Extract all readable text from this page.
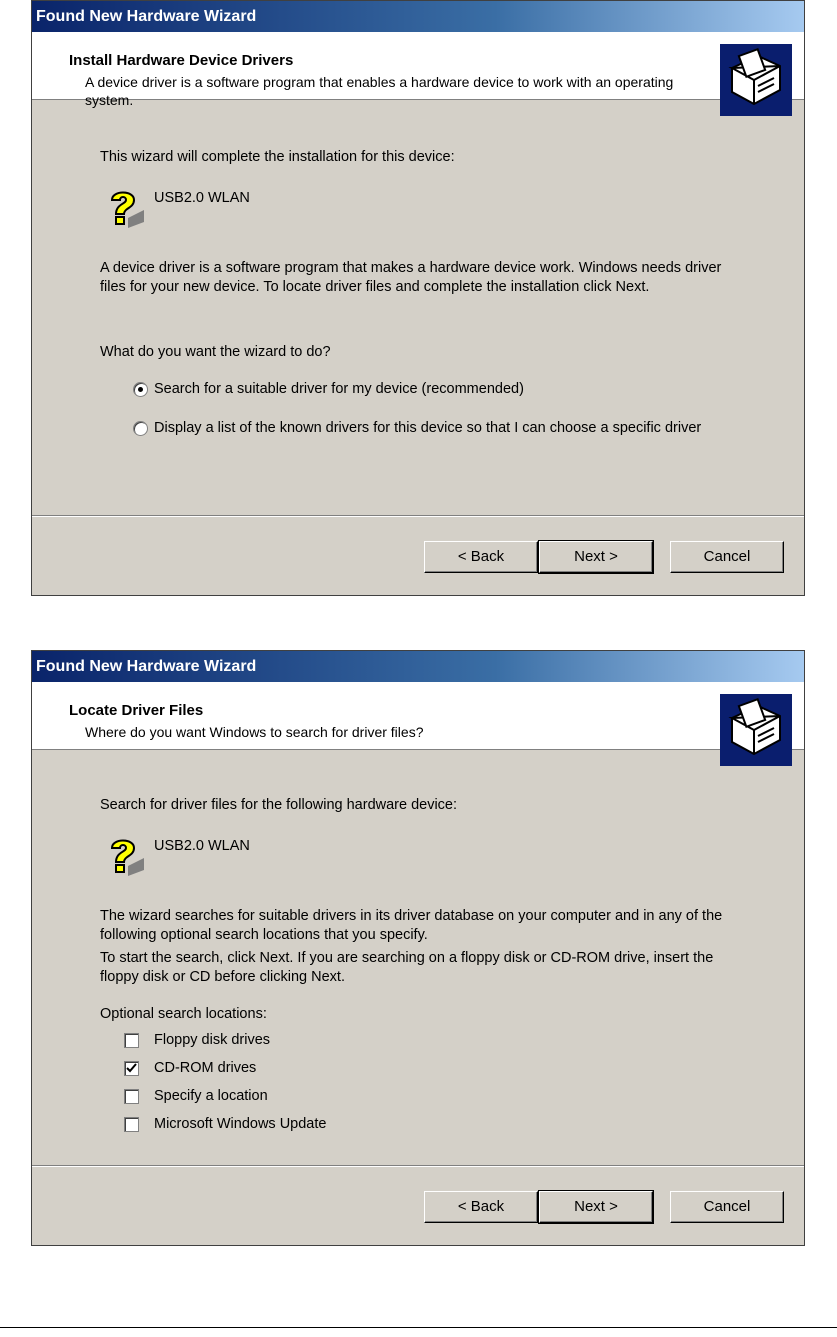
Found New Hardware Wizard
Install Hardware Device Drivers
A device driver is a software program that enables a hardware device to work with an operating system.
This wizard will complete the installation for this device:
USB2.0 WLAN
A device driver is a software program that makes a hardware device work. Windows needs driver files for your new device. To locate driver files and complete the installation click Next.
What do you want the wizard to do?
Search for a suitable driver for my device (recommended)
Display a list of the known drivers for this device so that I can choose a specific driver
< Back	Next >	Cancel
Found New Hardware Wizard
Locate Driver Files
Where do you want Windows to search for driver files?
Search for driver files for the following hardware device:
USB2.0 WLAN
The wizard searches for suitable drivers in its driver database on your computer and in any of the following optional search locations that you specify.
To start the search, click Next. If you are searching on a floppy disk or CD-ROM drive, insert the floppy disk or CD before clicking Next.
Optional search locations:
Floppy disk drives
CD-ROM drives
Specify a location
Microsoft Windows Update
< Back	Next >	Cancel
